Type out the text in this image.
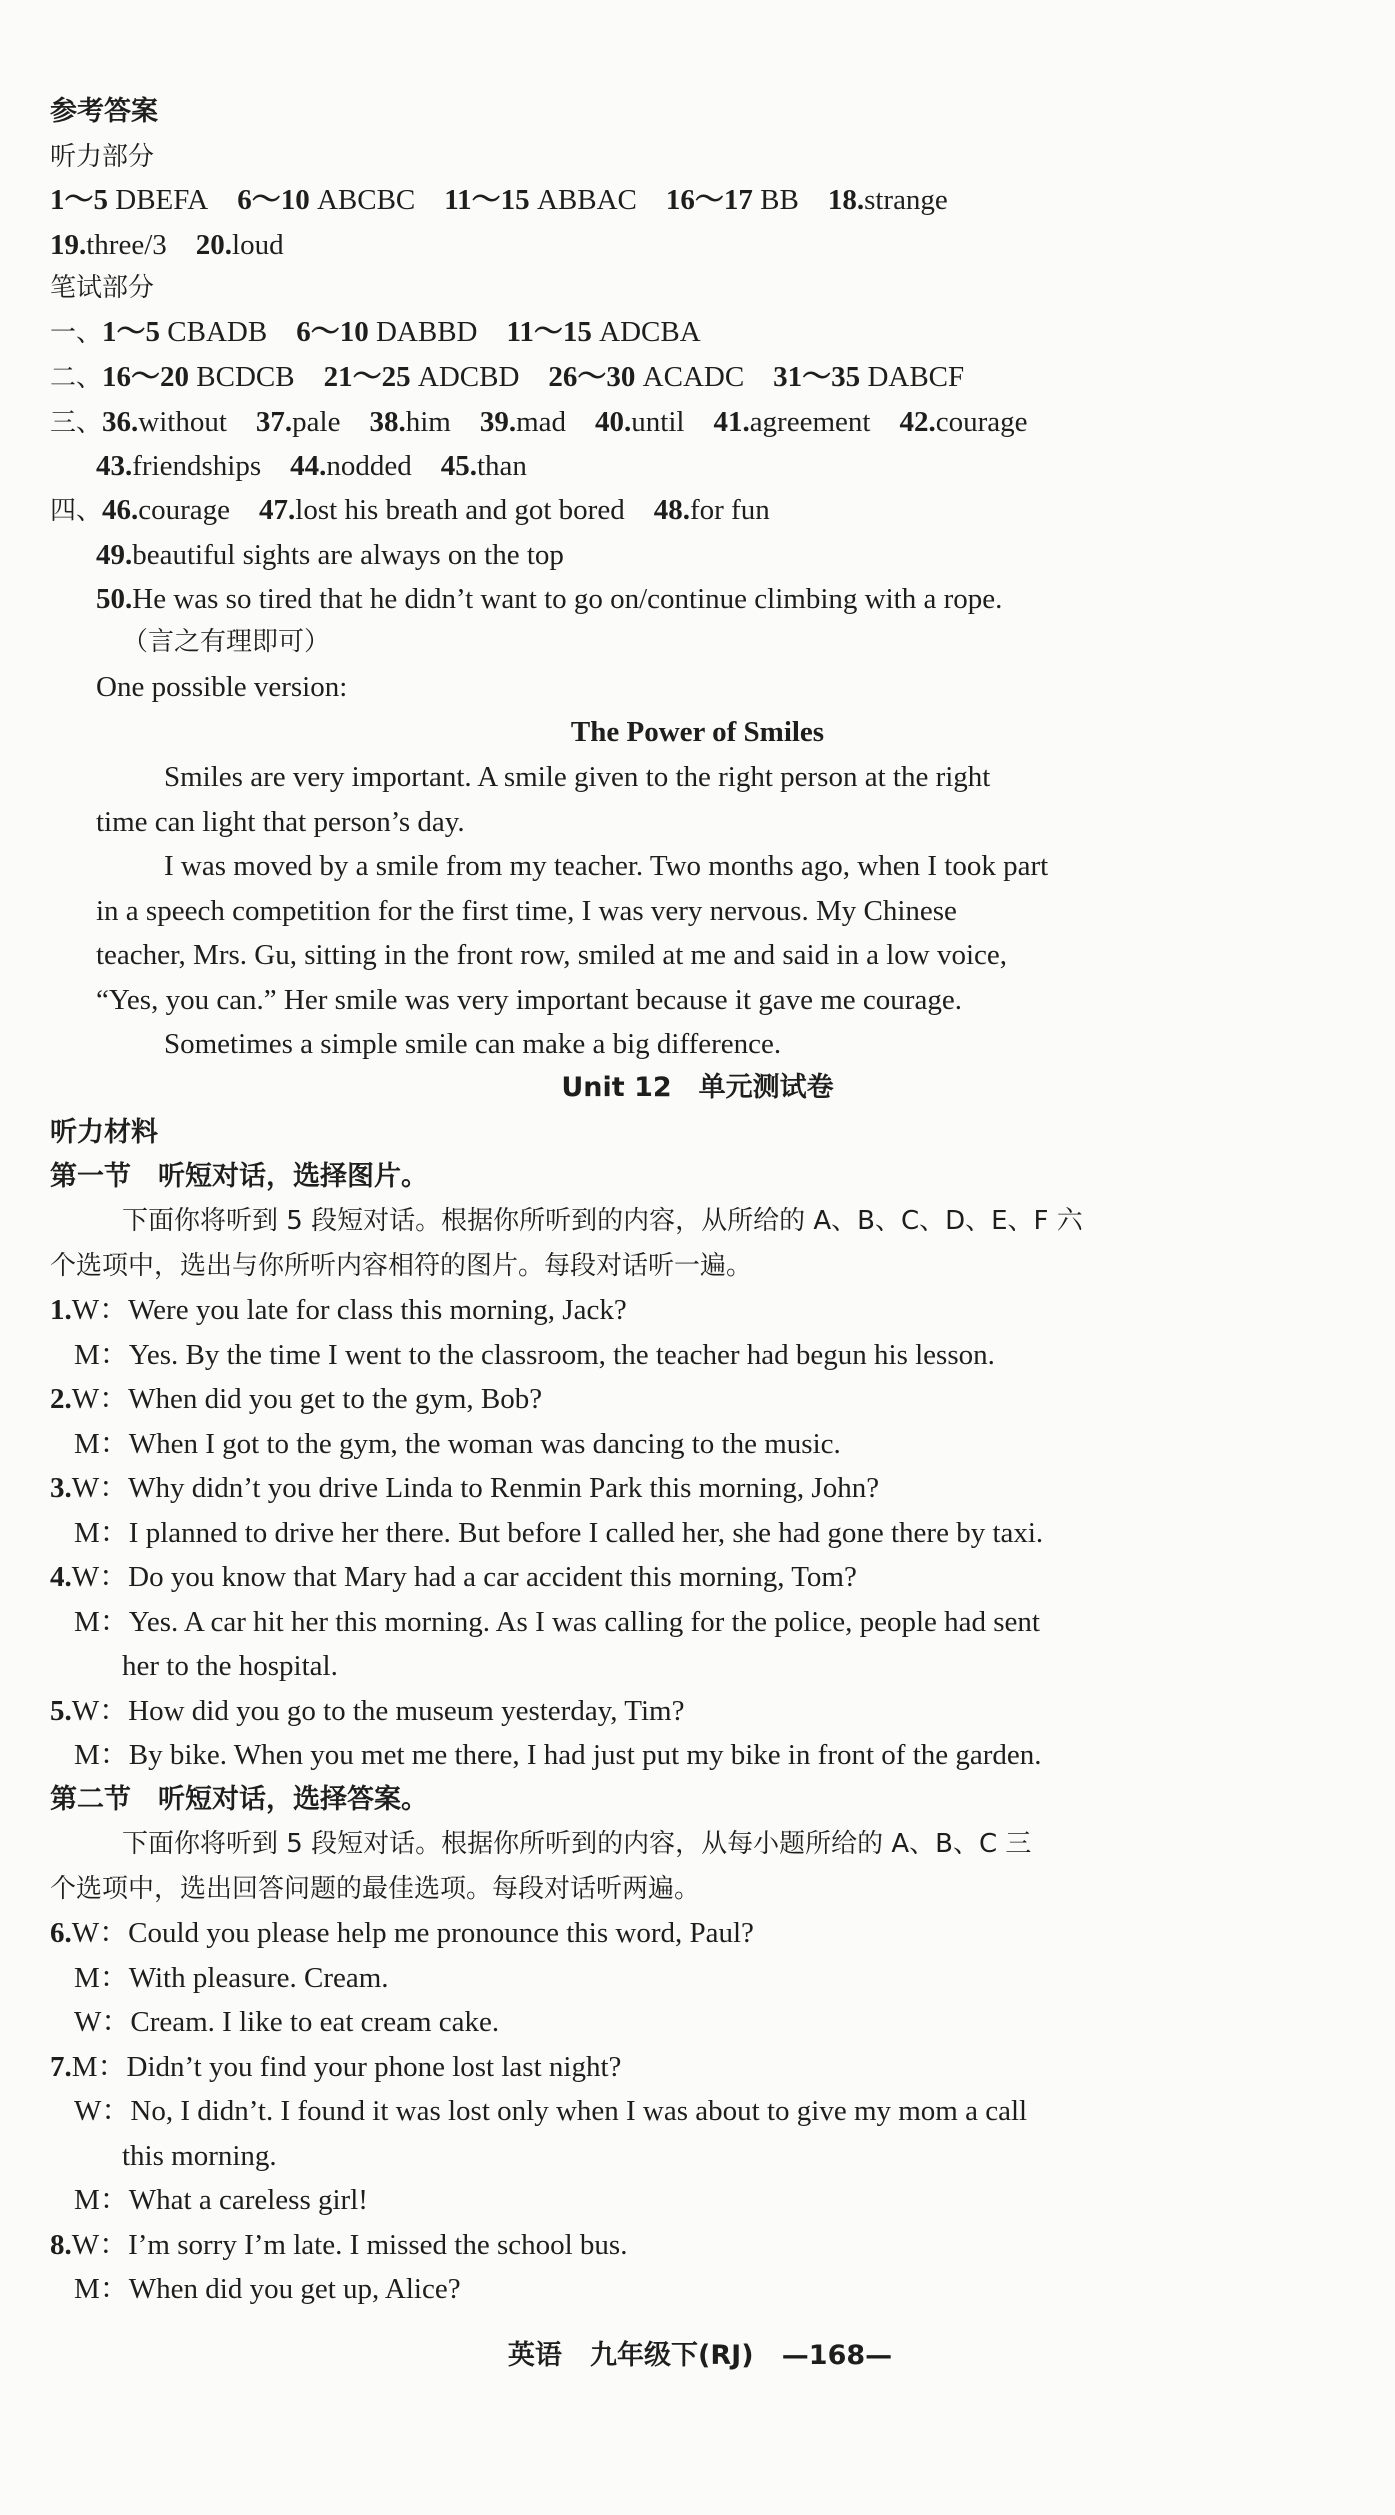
参考答案
听力部分
1～5 DBEFA 6～10 ABCBC 11～15 ABBAC 16～17 BB 18.strange
19.three/3 20.loud
笔试部分
一、1～5 CBADB 6～10 DABBD 11～15 ADCBA
二、16～20 BCDCB 21～25 ADCBD 26～30 ACADC 31～35 DABCF
三、36.without 37.pale 38.him 39.mad 40.until 41.agreement 42.courage
43.friendships 44.nodded 45.than
四、46.courage 47.lost his breath and got bored 48.for fun
49.beautiful sights are always on the top
50.He was so tired that he didn’t want to go on/continue climbing with a rope.
（言之有理即可）
One possible version:
The Power of Smiles
Smiles are very important. A smile given to the right person at the right
time can light that person’s day.
I was moved by a smile from my teacher. Two months ago, when I took part
in a speech competition for the first time, I was very nervous. My Chinese
teacher, Mrs. Gu, sitting in the front row, smiled at me and said in a low voice,
“Yes, you can.” Her smile was very important because it gave me courage.
Sometimes a simple smile can make a big difference.
Unit 12　单元测试卷
听力材料
第一节　听短对话，选择图片。
下面你将听到 5 段短对话。根据你所听到的内容，从所给的 A、B、C、D、E、F 六
个选项中，选出与你所听内容相符的图片。每段对话听一遍。
1.W：Were you late for class this morning, Jack?
M：Yes. By the time I went to the classroom, the teacher had begun his lesson.
2.W：When did you get to the gym, Bob?
M：When I got to the gym, the woman was dancing to the music.
3.W：Why didn’t you drive Linda to Renmin Park this morning, John?
M：I planned to drive her there. But before I called her, she had gone there by taxi.
4.W：Do you know that Mary had a car accident this morning, Tom?
M：Yes. A car hit her this morning. As I was calling for the police, people had sent
her to the hospital.
5.W：How did you go to the museum yesterday, Tim?
M：By bike. When you met me there, I had just put my bike in front of the garden.
第二节　听短对话，选择答案。
下面你将听到 5 段短对话。根据你所听到的内容，从每小题所给的 A、B、C 三
个选项中，选出回答问题的最佳选项。每段对话听两遍。
6.W：Could you please help me pronounce this word, Paul?
M：With pleasure. Cream.
W：Cream. I like to eat cream cake.
7.M：Didn’t you find your phone lost last night?
W：No, I didn’t. I found it was lost only when I was about to give my mom a call
this morning.
M：What a careless girl!
8.W：I’m sorry I’m late. I missed the school bus.
M：When did you get up, Alice?
英语 九年级下(RJ) —168—
